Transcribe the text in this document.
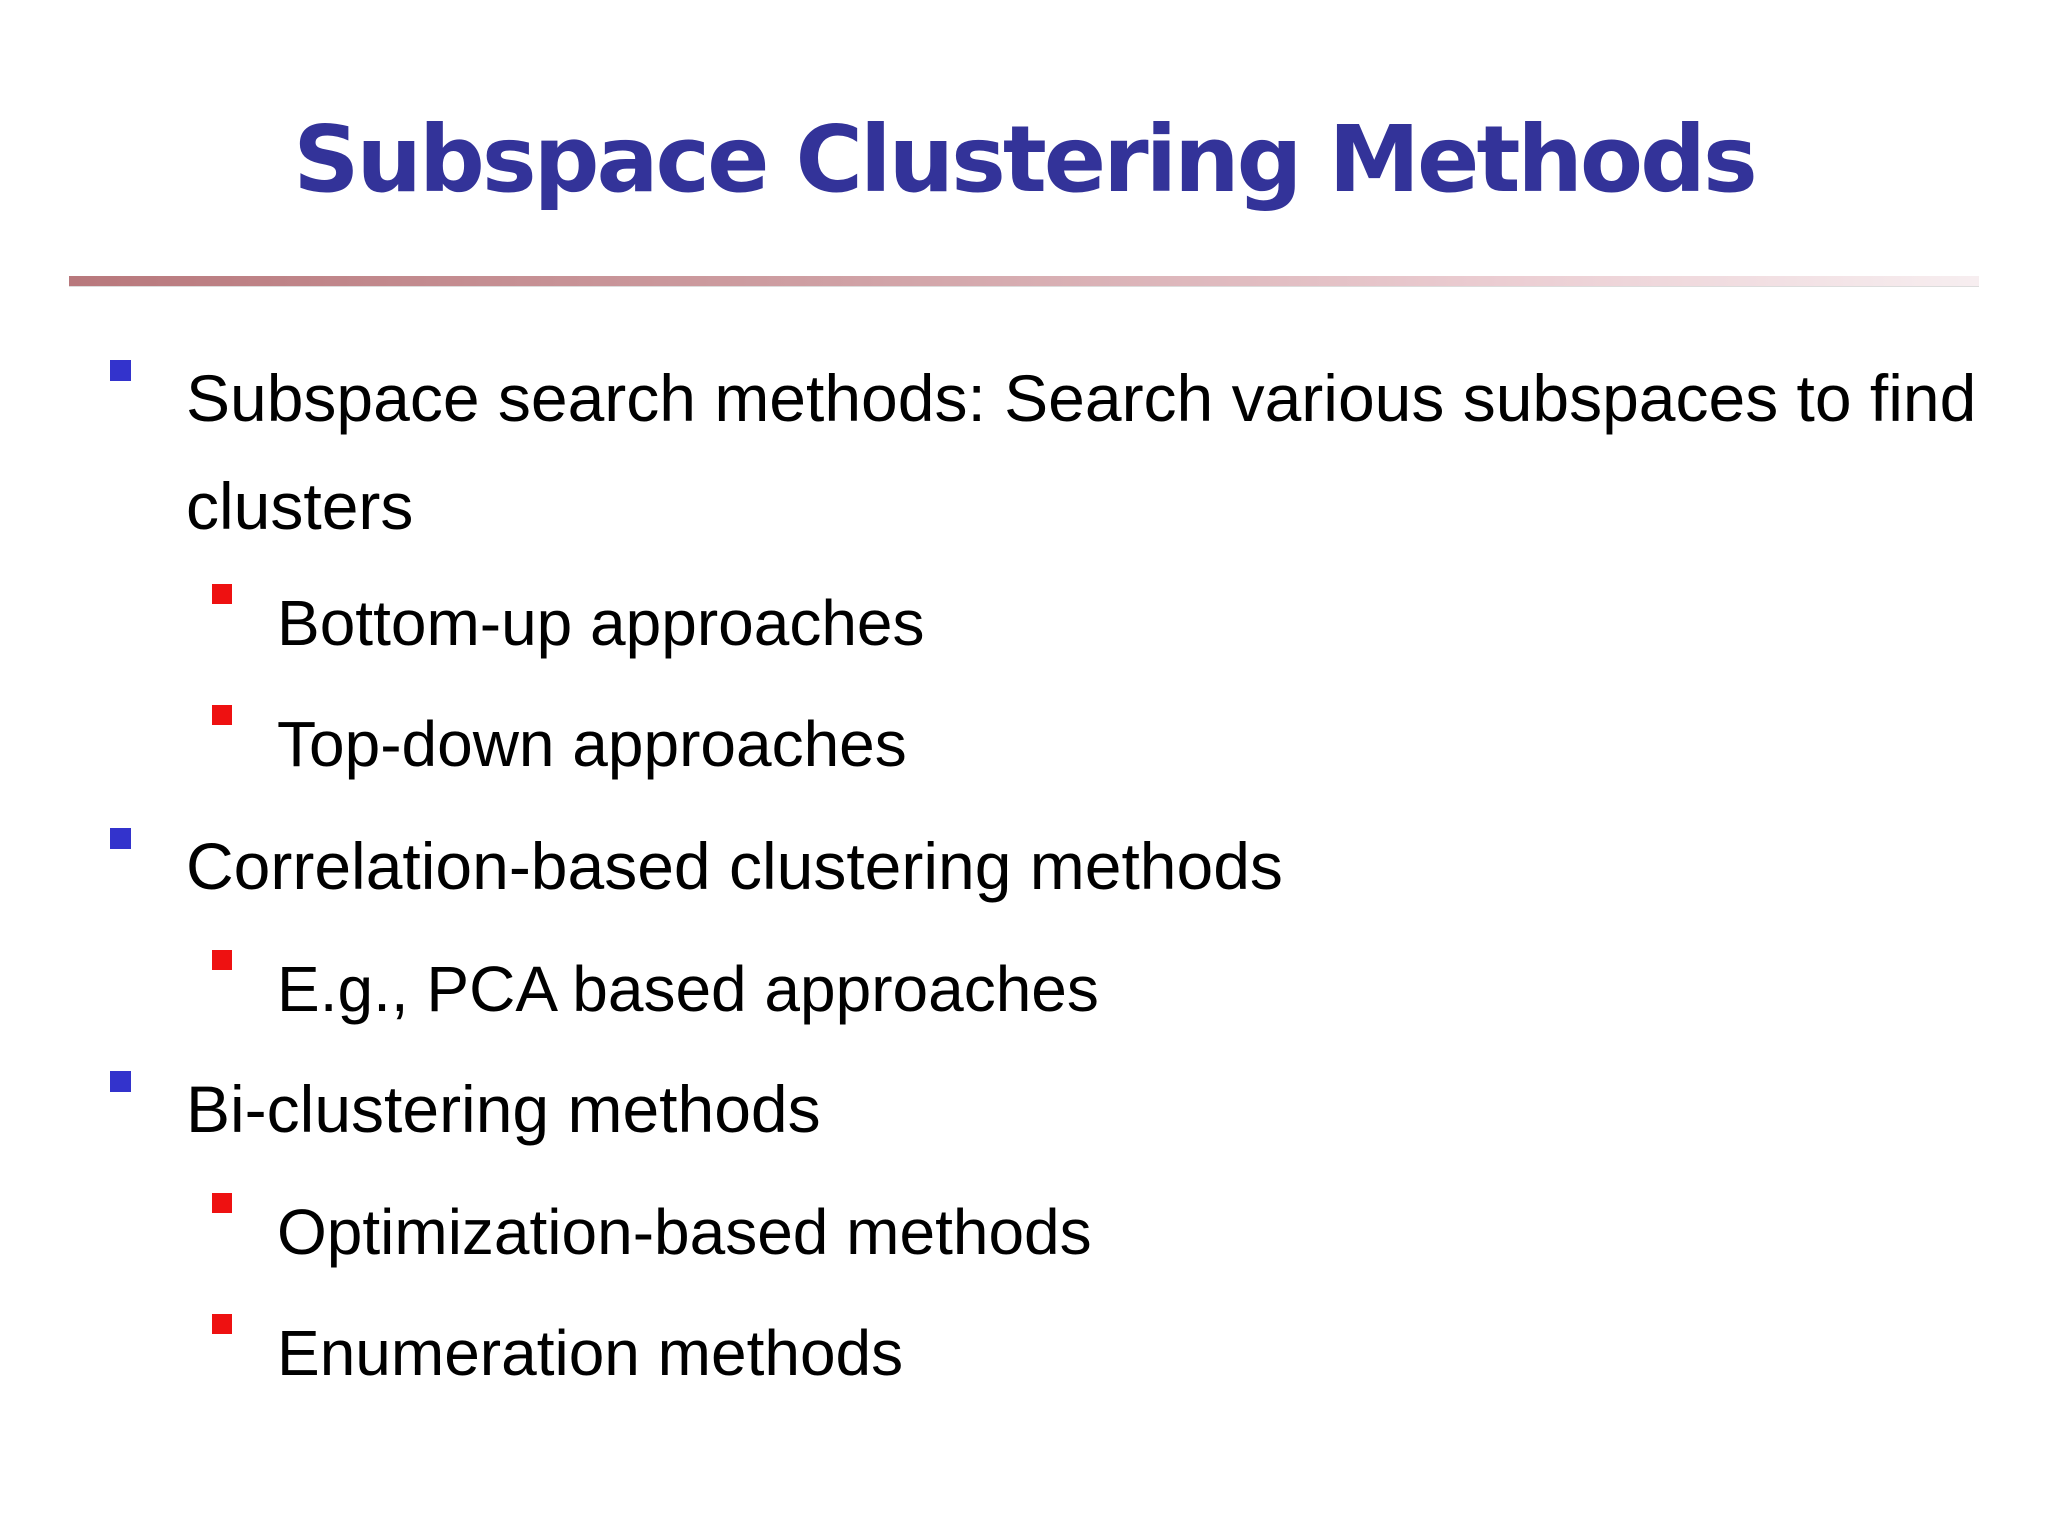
Subspace Clustering Methods
Subspace search methods: Search various subspaces to find clusters
Bottom-up approaches
Top-down approaches
Correlation-based clustering methods
E.g., PCA based approaches
Bi-clustering methods
Optimization-based methods
Enumeration methods
